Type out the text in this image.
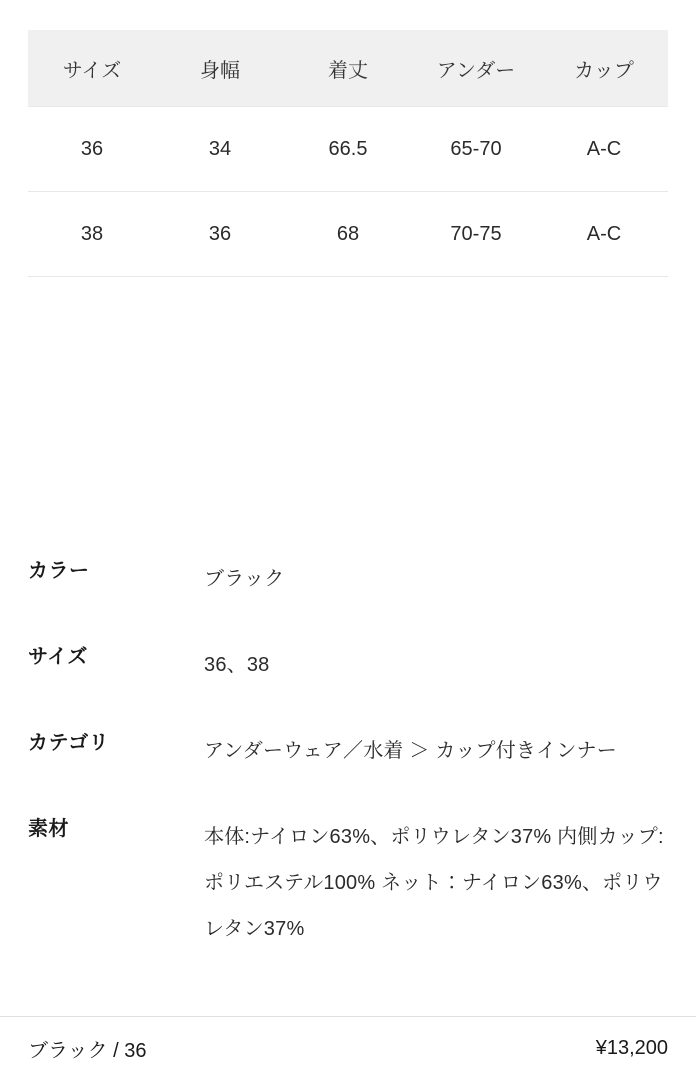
サイズ	身幅	着丈	アンダー	カップ
36	34	66.5	65-70	A-C
38	36	68	70-75	A-C
カラー	ブラック
サイズ	36、38
カテゴリ	アンダーウェア／水着 ＞ カップ付きインナー
素材	本体:ナイロン63%、ポリウレタン37% 内側カップ:ポリエステル100% ネット：ナイロン63%、ポリウレタン37%
ブラック / 36	¥13,200
